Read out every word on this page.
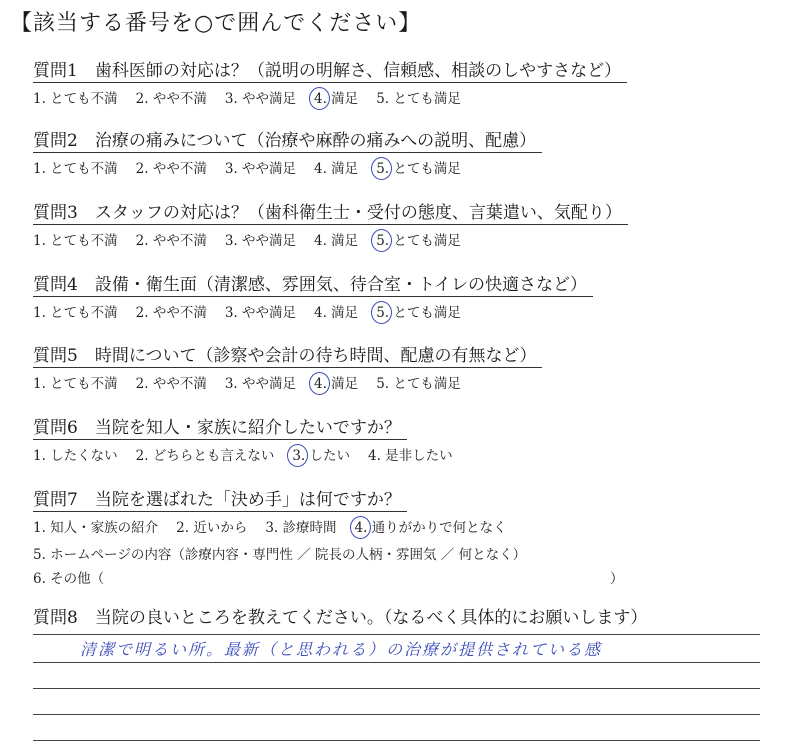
【該当する番号を○で囲んでください】
質問1　歯科医師の対応は？（説明の明解さ、信頼感、相談のしやすさなど）
1. とても不満 2. やや不満 3. やや満足 4. 満足 5. とても満足
質問2　治療の痛みについて（治療や麻酔の痛みへの説明、配慮）
1. とても不満 2. やや不満 3. やや満足 4. 満足 5. とても満足
質問3　スタッフの対応は？（歯科衛生士・受付の態度、言葉遣い、気配り）
1. とても不満 2. やや不満 3. やや満足 4. 満足 5. とても満足
質問4　設備・衛生面（清潔感、雰囲気、待合室・トイレの快適さなど）
1. とても不満 2. やや不満 3. やや満足 4. 満足 5. とても満足
質問5　時間について（診察や会計の待ち時間、配慮の有無など）
1. とても不満 2. やや不満 3. やや満足 4. 満足 5. とても満足
質問6　当院を知人・家族に紹介したいですか？
1. したくない 2. どちらとも言えない 3. したい 4. 是非したい
質問7　当院を選ばれた「決め手」は何ですか？
1. 知人・家族の紹介 2. 近いから 3. 診療時間 4. 通りがかりで何となく
5. ホームページの内容（診療内容・専門性 ／ 院長の人柄・雰囲気 ／ 何となく）
6. その他（	）
質問8　当院の良いところを教えてください。（なるべく具体的にお願いします）
清潔で明るい所。最新（と思われる）の治療が提供されている感
